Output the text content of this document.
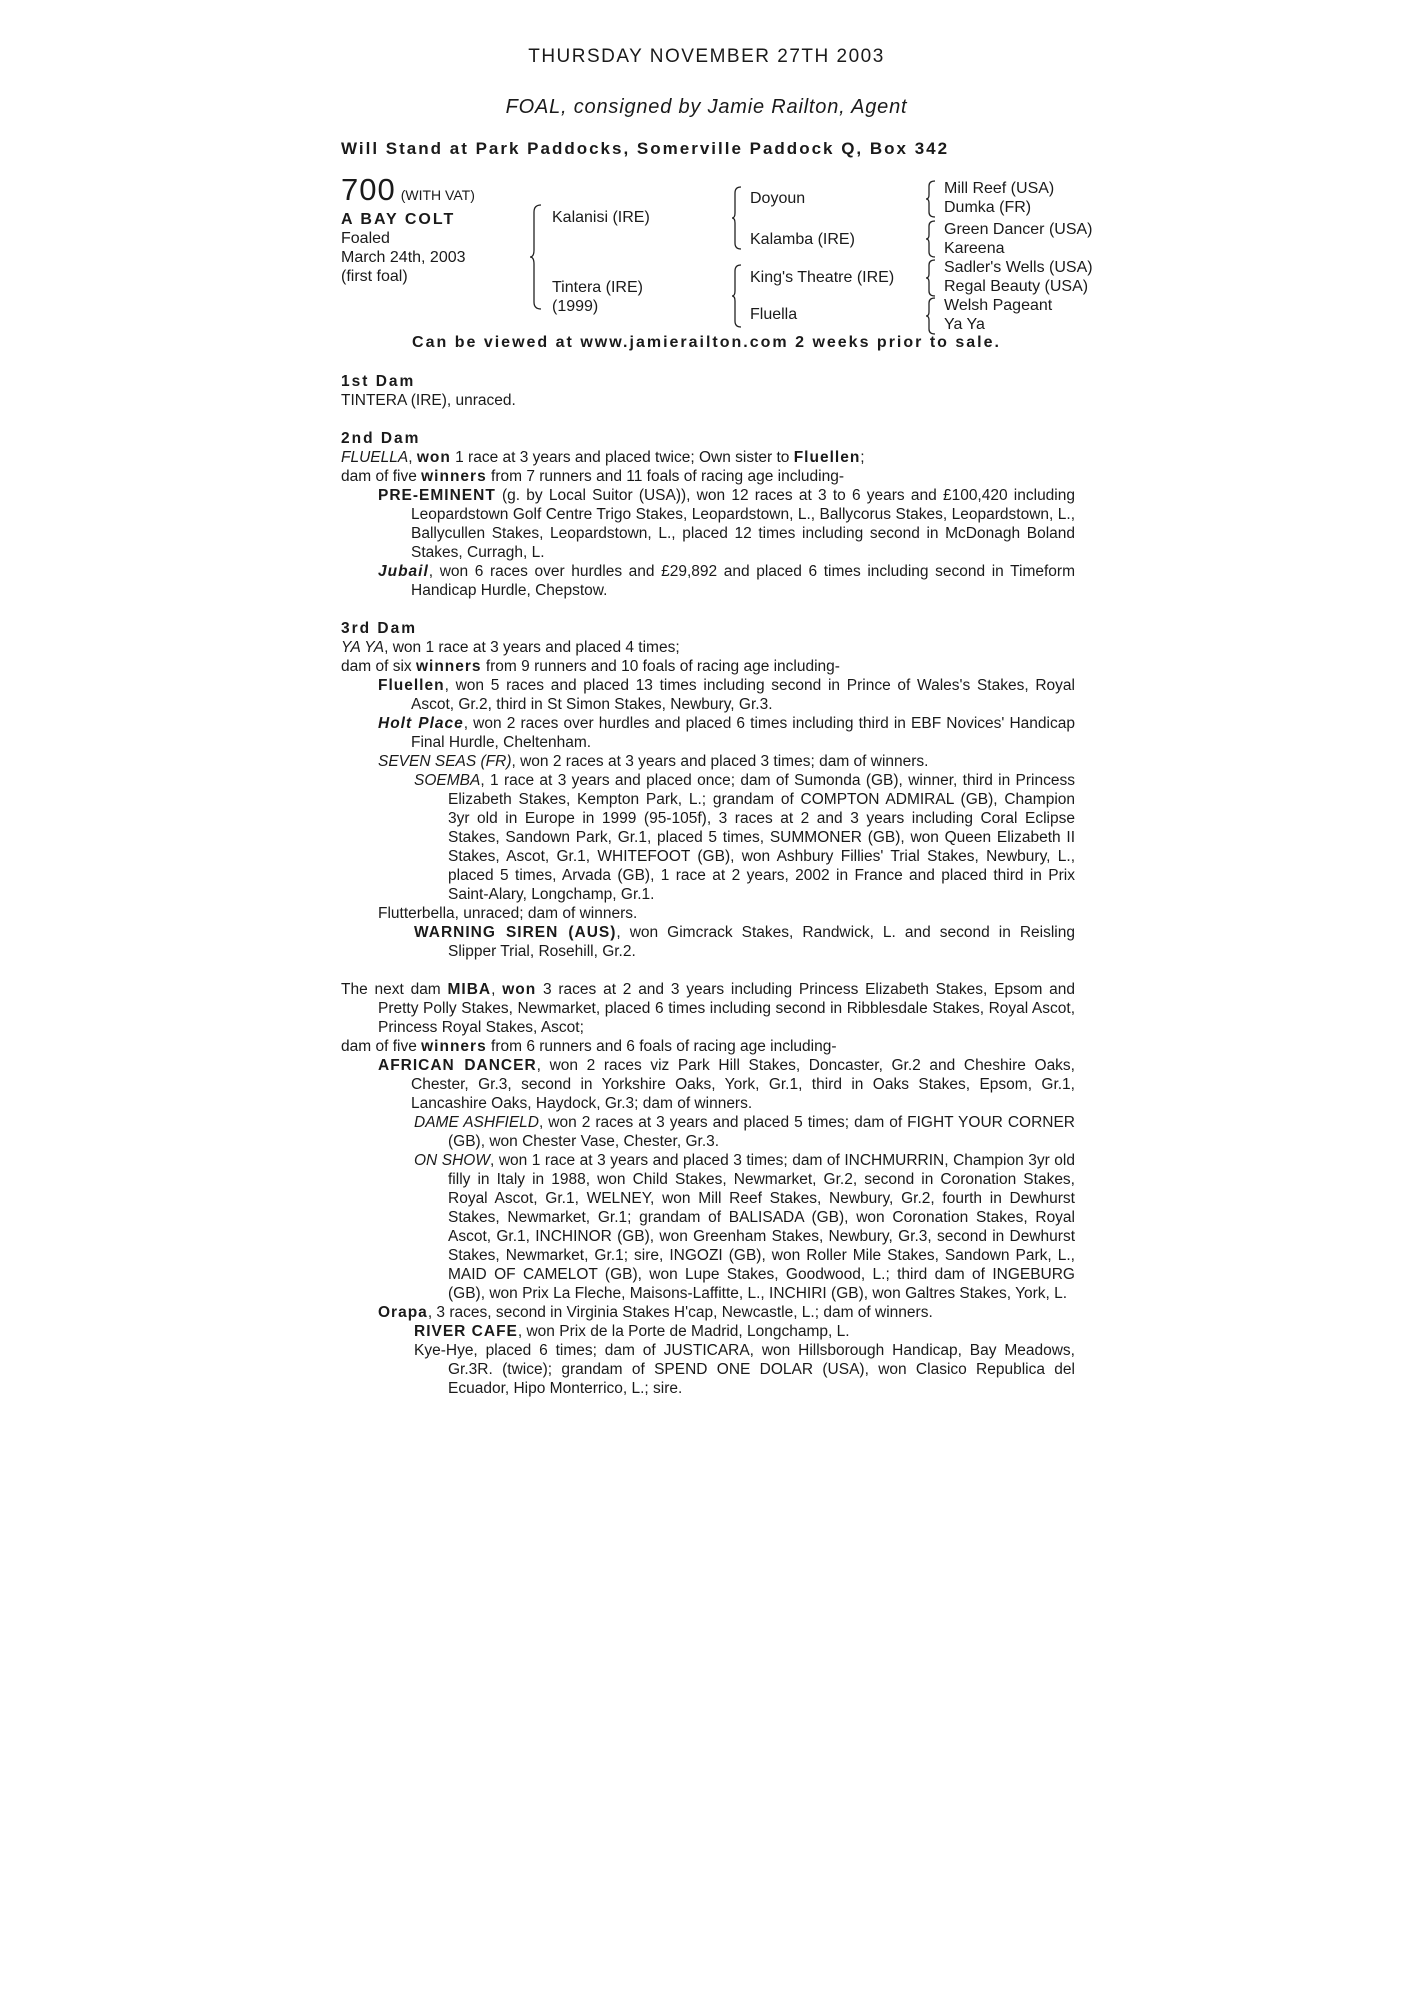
THURSDAY NOVEMBER 27TH 2003
FOAL, consigned by Jamie Railton, Agent
Will Stand at Park Paddocks, Somerville Paddock Q, Box 342
700 (WITH VAT)
A BAY COLT
Foaled
March 24th, 2003
(first foal)
Kalanisi (IRE)
Tintera (IRE)
(1999)
Doyoun
Kalamba (IRE)
King's Theatre (IRE)
Fluella
Mill Reef (USA)
Dumka (FR)
Green Dancer (USA)
Kareena
Sadler's Wells (USA)
Regal Beauty (USA)
Welsh Pageant
Ya Ya
Can be viewed at www.jamierailton.com 2 weeks prior to sale.

1st Dam

TINTERA (IRE), unraced.

2nd Dam

FLUELLA, won 1 race at 3 years and placed twice; Own sister to Fluellen;

dam of five winners from 7 runners and 11 foals of racing age including-

PRE-EMINENT (g. by Local Suitor (USA)), won 12 races at 3 to 6 years and £100,420 including Leopardstown Golf Centre Trigo Stakes, Leopardstown, L., Ballycorus Stakes, Leopardstown, L., Ballycullen Stakes, Leopardstown, L., placed 12 times including second in McDonagh Boland Stakes, Curragh, L.

Jubail, won 6 races over hurdles and £29,892 and placed 6 times including second in Timeform Handicap Hurdle, Chepstow.

3rd Dam

YA YA, won 1 race at 3 years and placed 4 times;

dam of six winners from 9 runners and 10 foals of racing age including-

Fluellen, won 5 races and placed 13 times including second in Prince of Wales's Stakes, Royal Ascot, Gr.2, third in St Simon Stakes, Newbury, Gr.3.

Holt Place, won 2 races over hurdles and placed 6 times including third in EBF Novices' Handicap Final Hurdle, Cheltenham.

SEVEN SEAS (FR), won 2 races at 3 years and placed 3 times; dam of winners.

SOEMBA, 1 race at 3 years and placed once; dam of Sumonda (GB), winner, third in Princess Elizabeth Stakes, Kempton Park, L.; grandam of COMPTON ADMIRAL (GB), Champion 3yr old in Europe in 1999 (95-105f), 3 races at 2 and 3 years including Coral Eclipse Stakes, Sandown Park, Gr.1, placed 5 times, SUMMONER (GB), won Queen Elizabeth II Stakes, Ascot, Gr.1, WHITEFOOT (GB), won Ashbury Fillies' Trial Stakes, Newbury, L., placed 5 times, Arvada (GB), 1 race at 2 years, 2002 in France and placed third in Prix Saint-Alary, Longchamp, Gr.1.

Flutterbella, unraced; dam of winners.

WARNING SIREN (AUS), won Gimcrack Stakes, Randwick, L. and second in Reisling Slipper Trial, Rosehill, Gr.2.

The next dam MIBA, won 3 races at 2 and 3 years including Princess Elizabeth Stakes, Epsom and Pretty Polly Stakes, Newmarket, placed 6 times including second in Ribblesdale Stakes, Royal Ascot, Princess Royal Stakes, Ascot;

dam of five winners from 6 runners and 6 foals of racing age including-

AFRICAN DANCER, won 2 races viz Park Hill Stakes, Doncaster, Gr.2 and Cheshire Oaks, Chester, Gr.3, second in Yorkshire Oaks, York, Gr.1, third in Oaks Stakes, Epsom, Gr.1, Lancashire Oaks, Haydock, Gr.3; dam of winners.

DAME ASHFIELD, won 2 races at 3 years and placed 5 times; dam of FIGHT YOUR CORNER (GB), won Chester Vase, Chester, Gr.3.

ON SHOW, won 1 race at 3 years and placed 3 times; dam of INCHMURRIN, Champion 3yr old filly in Italy in 1988, won Child Stakes, Newmarket, Gr.2, second in Coronation Stakes, Royal Ascot, Gr.1, WELNEY, won Mill Reef Stakes, Newbury, Gr.2, fourth in Dewhurst Stakes, Newmarket, Gr.1; grandam of BALISADA (GB), won Coronation Stakes, Royal Ascot, Gr.1, INCHINOR (GB), won Greenham Stakes, Newbury, Gr.3, second in Dewhurst Stakes, Newmarket, Gr.1; sire, INGOZI (GB), won Roller Mile Stakes, Sandown Park, L., MAID OF CAMELOT (GB), won Lupe Stakes, Goodwood, L.; third dam of INGEBURG (GB), won Prix La Fleche, Maisons-Laffitte, L., INCHIRI (GB), won Galtres Stakes, York, L.

Orapa, 3 races, second in Virginia Stakes H'cap, Newcastle, L.; dam of winners.

RIVER CAFE, won Prix de la Porte de Madrid, Longchamp, L.

Kye-Hye, placed 6 times; dam of JUSTICARA, won Hillsborough Handicap, Bay Meadows, Gr.3R. (twice); grandam of SPEND ONE DOLAR (USA), won Clasico Republica del Ecuador, Hipo Monterrico, L.; sire.
